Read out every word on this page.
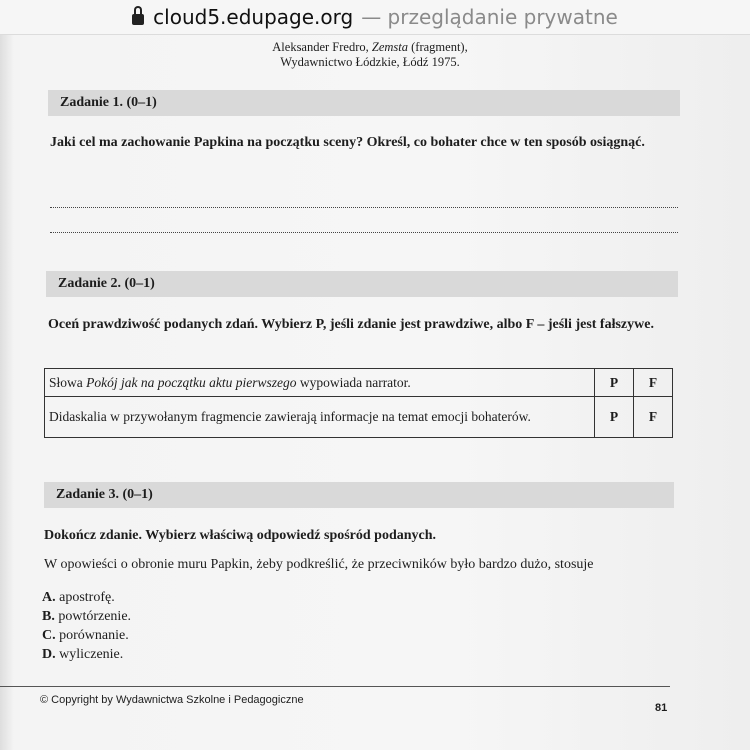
cloud5.edupage.org — przeglądanie prywatne
Aleksander Fredro, Zemsta (fragment),
Wydawnictwo Łódzkie, Łódź 1975.
Zadanie 1. (0–1)
Jaki cel ma zachowanie Papkina na początku sceny? Określ, co bohater chce w ten sposób osiągnąć.
Zadanie 2. (0–1)
Oceń prawdziwość podanych zdań. Wybierz P, jeśli zdanie jest prawdziwe, albo F – jeśli jest fałszywe.
Słowa Pokój jak na początku aktu pierwszego wypowiada narrator.	P	F
Didaskalia w przywołanym fragmencie zawierają informacje na temat emocji bohaterów.	P	F
Zadanie 3. (0–1)
Dokończ zdanie. Wybierz właściwą odpowiedź spośród podanych.
W opowieści o obronie muru Papkin, żeby podkreślić, że przeciwników było bardzo dużo, stosuje
A. apostrofę.
B. powtórzenie.
C. porównanie.
D. wyliczenie.
© Copyright by Wydawnictwa Szkolne i Pedagogiczne
81
